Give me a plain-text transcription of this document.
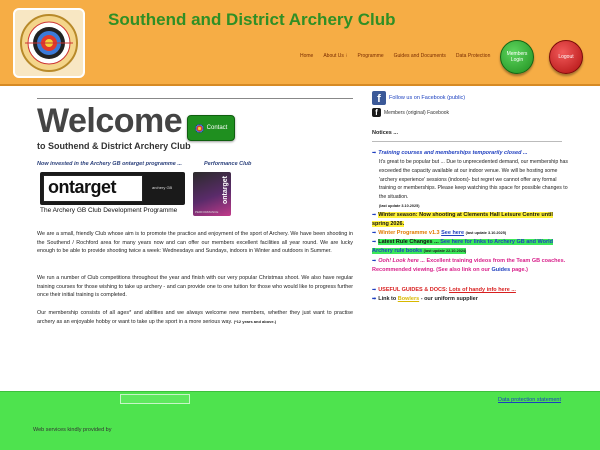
Southend and District Archery Club
Home About Us ⁝ Programme Guides and Documents Data Protection	Members Login	Logout
Welcome	Contact
to Southend & District Archery Club
Now invested in the Archery GB ontarget programme ...	Performance Club
ontarget	archery GB
The Archery GB Club Development Programme
ontarget
PERFORMANCE

We are a small, friendly Club whose aim is to promote the practice and enjoyment of the sport of Archery. We have been shooting in the Southend / Rochford area for many years now and can offer our members excellent facilities all year round. We are lucky enough to be able to provide shooting twice a week: Wednesdays and Sundays, indoors in Winter and outdoors in Summer.

We run a number of Club competitions throughout the year and finish with our very popular Christmas shoot. We also have regular training courses for those wishing to take up archery - and can provide one to one tuition for those who would like to progress further once their initial training is completed.

Our membership consists of all ages* and abilities and we always welcome new members, whether they just want to practise archery as an enjoyable hobby or want to take up the sport in a more serious way. (*12 years and above.)

f	Follow us on Facebook (public)
f	Members (original) Facebook
Notices ...
➡ Training courses and memberships temporarily closed ...
It's great to be popular but ... Due to unprecedented demand, our membership has exceeded the capacity available at our indoor venue. We will be hosting some 'archery experience' sessions (indoors)- but regret we cannot offer any formal training or memberships. Please keep watching this space for possible changes to the situation.
(last update 3.10.2025)
➡ Winter season: Now shooting at Clements Hall Leisure Centre until spring 2026.
➡ Winter Programme v1.3 See here (last update 3.10.2025)
➡ Latest Rule Changes ... See here for links to Archery GB and World Archery rule books (last update 22.10.2024)
➡ Ooh! Look here ... Excellent training videos from the Team GB coaches. Recommended viewing. (See also link on our Guides page.)
➡ USEFUL GUIDES & DOCS: Lots of handy info here ...
➡ Link to Bowlers - our uniform supplier
Data protection statement
Web services kindly provided by
